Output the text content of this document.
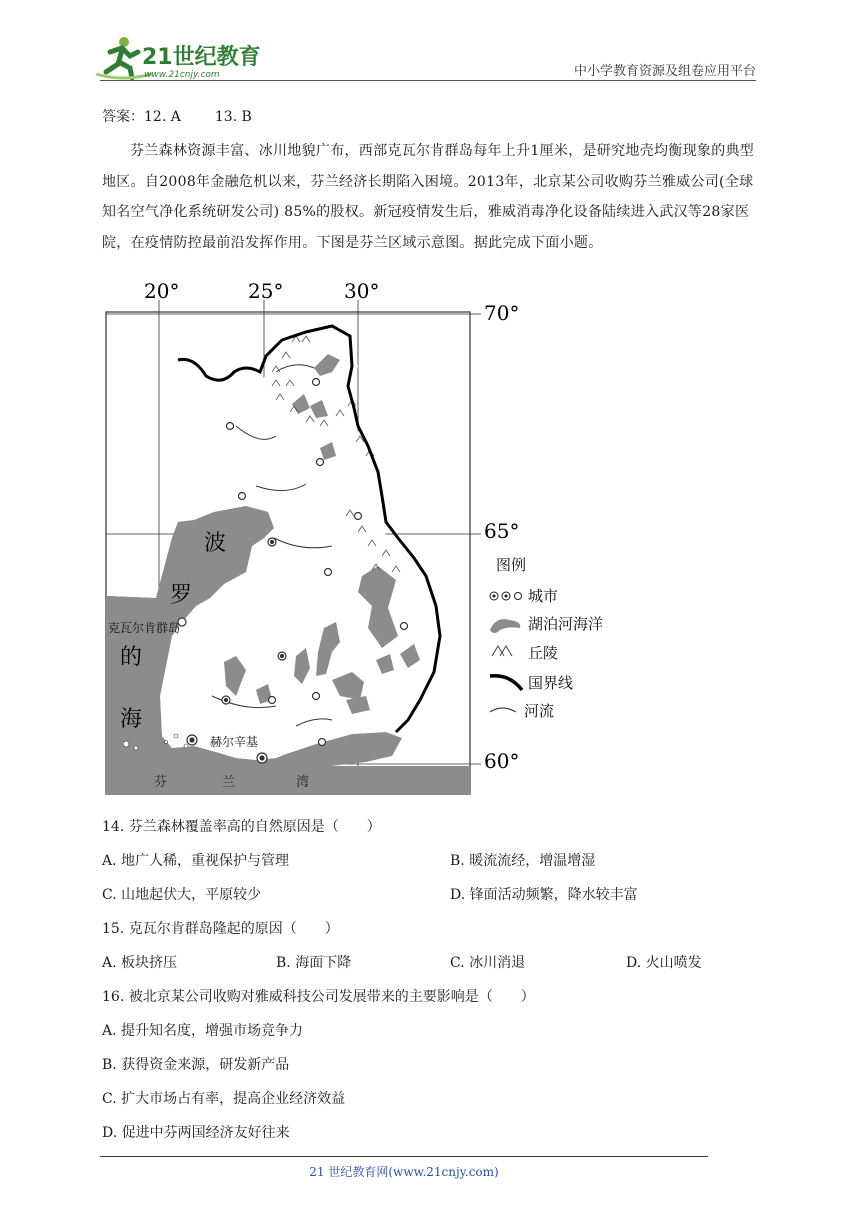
21世纪教育
www.21cnjy.com	中小学教育资源及组卷应用平台
答案：12. A 13. B
芬兰森林资源丰富、冰川地貌广布，西部克瓦尔肯群岛每年上升1厘米，是研究地壳均衡现象的典型地区。自2008年金融危机以来，芬兰经济长期陷入困境。2013年，北京某公司收购芬兰雅威公司(全球知名空气净化系统研发公司) 85%的股权。新冠疫情发生后，雅威消毒净化设备陆续进入武汉等28家医院，在疫情防控最前沿发挥作用。下图是芬兰区域示意图。据此完成下面小题。
20°	25°	30°
70°
65°
60°
波
罗
的
海
芬	兰	湾
克瓦尔肯群岛
赫尔辛基
图例
城市
湖泊河海洋
丘陵
国界线
河流
14. 芬兰森林覆盖率高的自然原因是（　　）
A. 地广人稀，重视保护与管理	B. 暖流流经，增温增湿
C. 山地起伏大，平原较少	D. 锋面活动频繁，降水较丰富
15. 克瓦尔肯群岛隆起的原因（　　）
A. 板块挤压	B. 海面下降	C. 冰川消退	D. 火山喷发
16. 被北京某公司收购对雅威科技公司发展带来的主要影响是（　　）
A. 提升知名度，增强市场竞争力
B. 获得资金来源，研发新产品
C. 扩大市场占有率，提高企业经济效益
D. 促进中芬两国经济友好往来
21 世纪教育网(www.21cnjy.com)
